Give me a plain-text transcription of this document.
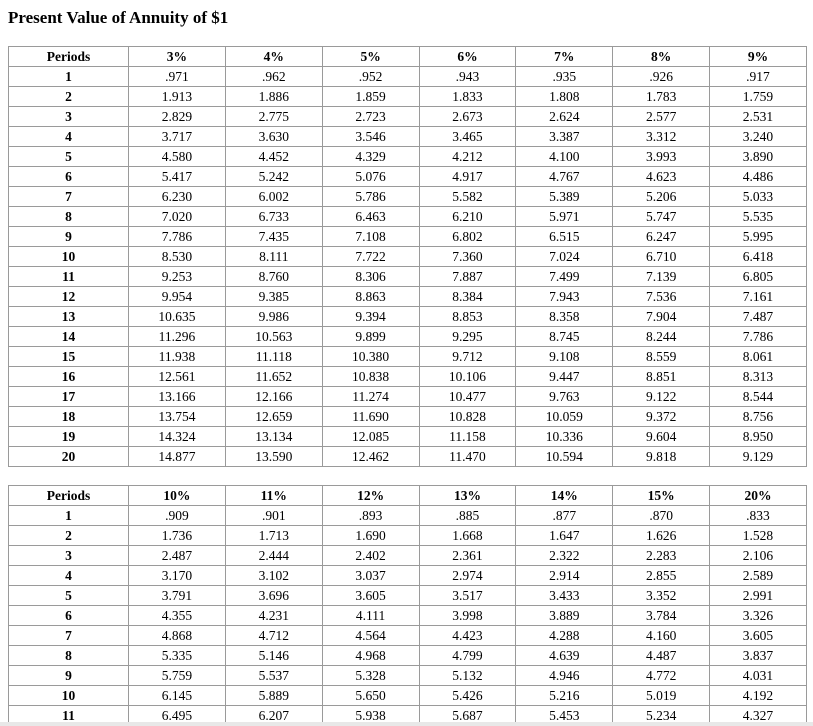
Present Value of Annuity of $1
Periods	3%	4%	5%	6%	7%	8%	9%
1	.971	.962	.952	.943	.935	.926	.917
2	1.913	1.886	1.859	1.833	1.808	1.783	1.759
3	2.829	2.775	2.723	2.673	2.624	2.577	2.531
4	3.717	3.630	3.546	3.465	3.387	3.312	3.240
5	4.580	4.452	4.329	4.212	4.100	3.993	3.890
6	5.417	5.242	5.076	4.917	4.767	4.623	4.486
7	6.230	6.002	5.786	5.582	5.389	5.206	5.033
8	7.020	6.733	6.463	6.210	5.971	5.747	5.535
9	7.786	7.435	7.108	6.802	6.515	6.247	5.995
10	8.530	8.111	7.722	7.360	7.024	6.710	6.418
11	9.253	8.760	8.306	7.887	7.499	7.139	6.805
12	9.954	9.385	8.863	8.384	7.943	7.536	7.161
13	10.635	9.986	9.394	8.853	8.358	7.904	7.487
14	11.296	10.563	9.899	9.295	8.745	8.244	7.786
15	11.938	11.118	10.380	9.712	9.108	8.559	8.061
16	12.561	11.652	10.838	10.106	9.447	8.851	8.313
17	13.166	12.166	11.274	10.477	9.763	9.122	8.544
18	13.754	12.659	11.690	10.828	10.059	9.372	8.756
19	14.324	13.134	12.085	11.158	10.336	9.604	8.950
20	14.877	13.590	12.462	11.470	10.594	9.818	9.129
Periods	10%	11%	12%	13%	14%	15%	20%
1	.909	.901	.893	.885	.877	.870	.833
2	1.736	1.713	1.690	1.668	1.647	1.626	1.528
3	2.487	2.444	2.402	2.361	2.322	2.283	2.106
4	3.170	3.102	3.037	2.974	2.914	2.855	2.589
5	3.791	3.696	3.605	3.517	3.433	3.352	2.991
6	4.355	4.231	4.111	3.998	3.889	3.784	3.326
7	4.868	4.712	4.564	4.423	4.288	4.160	3.605
8	5.335	5.146	4.968	4.799	4.639	4.487	3.837
9	5.759	5.537	5.328	5.132	4.946	4.772	4.031
10	6.145	5.889	5.650	5.426	5.216	5.019	4.192
11	6.495	6.207	5.938	5.687	5.453	5.234	4.327
